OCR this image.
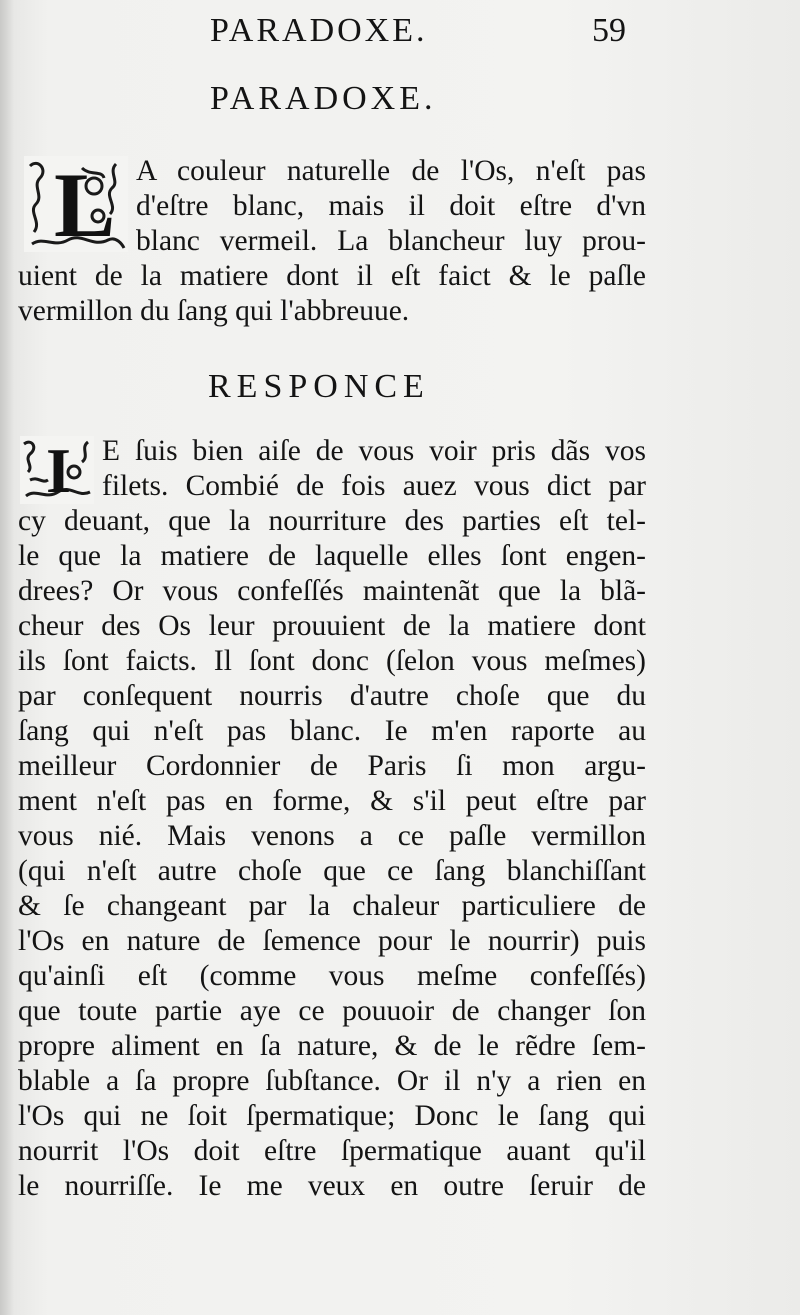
PARADOXE.	59
PARADOXE.
L A couleur naturelle de l'Os, n'eſt pas
d'eſtre blanc, mais il doit eſtre d'vn
blanc vermeil. La blancheur luy prou-
uient de la matiere dont il eſt faict & le paſle
vermillon du ſang qui l'abbreuue.
RESPONCE
I E ſuis bien aiſe de vous voir pris dãs vos
filets. Combié de fois auez vous dict par
cy deuant, que la nourriture des parties eſt tel-
le que la matiere de laquelle elles ſont engen-
drees? Or vous confeſſés maintenãt que la blã-
cheur des Os leur prouuient de la matiere dont
ils ſont faicts. Il ſont donc (ſelon vous meſmes)
par conſequent nourris d'autre choſe que du
ſang qui n'eſt pas blanc. Ie m'en raporte au
meilleur Cordonnier de Paris ſi mon argu-
ment n'eſt pas en forme, & s'il peut eſtre par
vous nié. Mais venons a ce paſle vermillon
(qui n'eſt autre choſe que ce ſang blanchiſſant
& ſe changeant par la chaleur particuliere de
l'Os en nature de ſemence pour le nourrir) puis
qu'ainſi eſt (comme vous meſme confeſſés)
que toute partie aye ce pouuoir de changer ſon
propre aliment en ſa nature, & de le rẽdre ſem-
blable a ſa propre ſubſtance. Or il n'y a rien en
l'Os qui ne ſoit ſpermatique; Donc le ſang qui
nourrit l'Os doit eſtre ſpermatique auant qu'il
le nourriſſe. Ie me veux en outre ſeruir de
